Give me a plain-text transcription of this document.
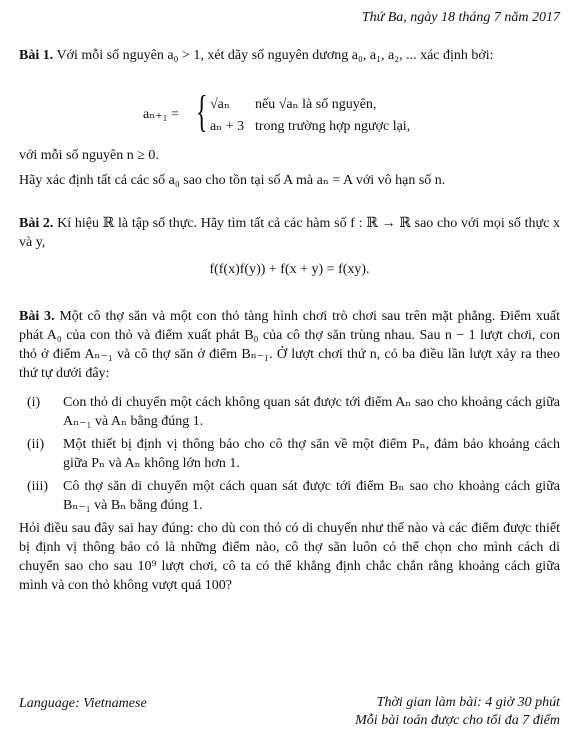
Thứ Ba, ngày 18 tháng 7 năm 2017
Bài 1. Với mỗi số nguyên a₀ > 1, xét dãy số nguyên dương a₀, a₁, a₂, ... xác định bởi:
aₙ₊₁ = { √aₙ nếu √aₙ là số nguyên,
aₙ + 3 trong trường hợp ngược lại,
với mỗi số nguyên n ≥ 0.
Hãy xác định tất cả các số a₀ sao cho tồn tại số A mà aₙ = A với vô hạn số n.
Bài 2. Kí hiệu ℝ là tập số thực. Hãy tìm tất cả các hàm số f : ℝ → ℝ sao cho với mọi số thực x và y,
f(f(x)f(y)) + f(x + y) = f(xy).
Bài 3. Một cô thợ săn và một con thỏ tàng hình chơi trò chơi sau trên mặt phẳng. Điểm xuất phát A₀ của con thỏ và điểm xuất phát B₀ của cô thợ săn trùng nhau. Sau n − 1 lượt chơi, con thỏ ở điểm Aₙ₋₁ và cô thợ săn ở điểm Bₙ₋₁. Ở lượt chơi thứ n, có ba điều lần lượt xảy ra theo thứ tự dưới đây:
(i) Con thỏ di chuyển một cách không quan sát được tới điểm Aₙ sao cho khoảng cách giữa Aₙ₋₁ và Aₙ bằng đúng 1.
(ii) Một thiết bị định vị thông báo cho cô thợ săn về một điểm Pₙ, đảm bảo khoảng cách giữa Pₙ và Aₙ không lớn hơn 1.
(iii) Cô thợ săn di chuyển một cách quan sát được tới điểm Bₙ sao cho khoảng cách giữa Bₙ₋₁ và Bₙ bằng đúng 1.
Hỏi điều sau đây sai hay đúng: cho dù con thỏ có di chuyển như thế nào và các điểm được thiết bị định vị thông báo có là những điểm nào, cô thợ săn luôn có thể chọn cho mình cách di chuyển sao cho sau 10⁹ lượt chơi, cô ta có thể khẳng định chắc chắn rằng khoảng cách giữa mình và con thỏ không vượt quá 100?
Language: Vietnamese	Thời gian làm bài: 4 giờ 30 phút
Mỗi bài toán được cho tối đa 7 điểm
